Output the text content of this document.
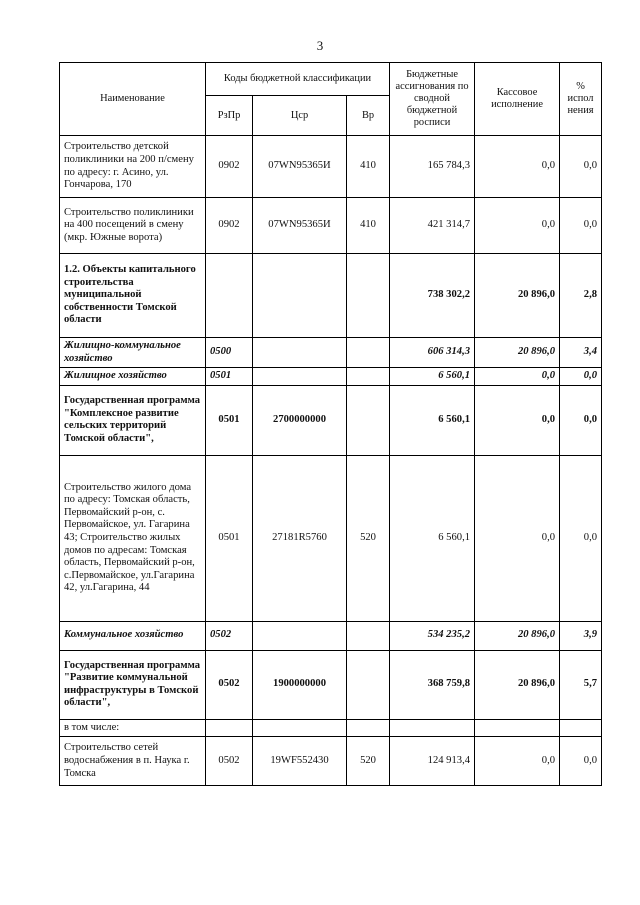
3
Наименование	Коды бюджетной классификации			Бюджетные ассигнования по сводной бюджетной росписи	Кассовое исполнение	% испол нения
	РзПр	Цср	Вр			
Строительство детской поликлиники на 200 п/смену по адресу: г. Асино, ул. Гончарова, 170	0902	07WN95365И	410	165 784,3	0,0	0,0
Строительство поликлиники на 400 посещений в смену (мкр. Южные ворота)	0902	07WN95365И	410	421 314,7	0,0	0,0
1.2. Объекты капитального строительства муниципальной собственности Томской области				738 302,2	20 896,0	2,8
Жилищно-коммунальное хозяйство	0500			606 314,3	20 896,0	3,4
Жилищное хозяйство	0501			6 560,1	0,0	0,0
Государственная программа "Комплексное развитие сельских территорий Томской области",	0501	2700000000		6 560,1	0,0	0,0
Строительство жилого дома по адресу: Томская область, Первомайский р-он, с. Первомайское, ул. Гагарина 43; Строительство жилых домов по адресам: Томская область, Первомайский р-он, с.Первомайское, ул.Гагарина 42, ул.Гагарина, 44	0501	27181R5760	520	6 560,1	0,0	0,0
Коммунальное хозяйство	0502			534 235,2	20 896,0	3,9
Государственная программа "Развитие коммунальной инфраструктуры в Томской области",	0502	1900000000		368 759,8	20 896,0	5,7
в том числе:						
Строительство сетей водоснабжения в п. Наука г. Томска	0502	19WF552430	520	124 913,4	0,0	0,0
